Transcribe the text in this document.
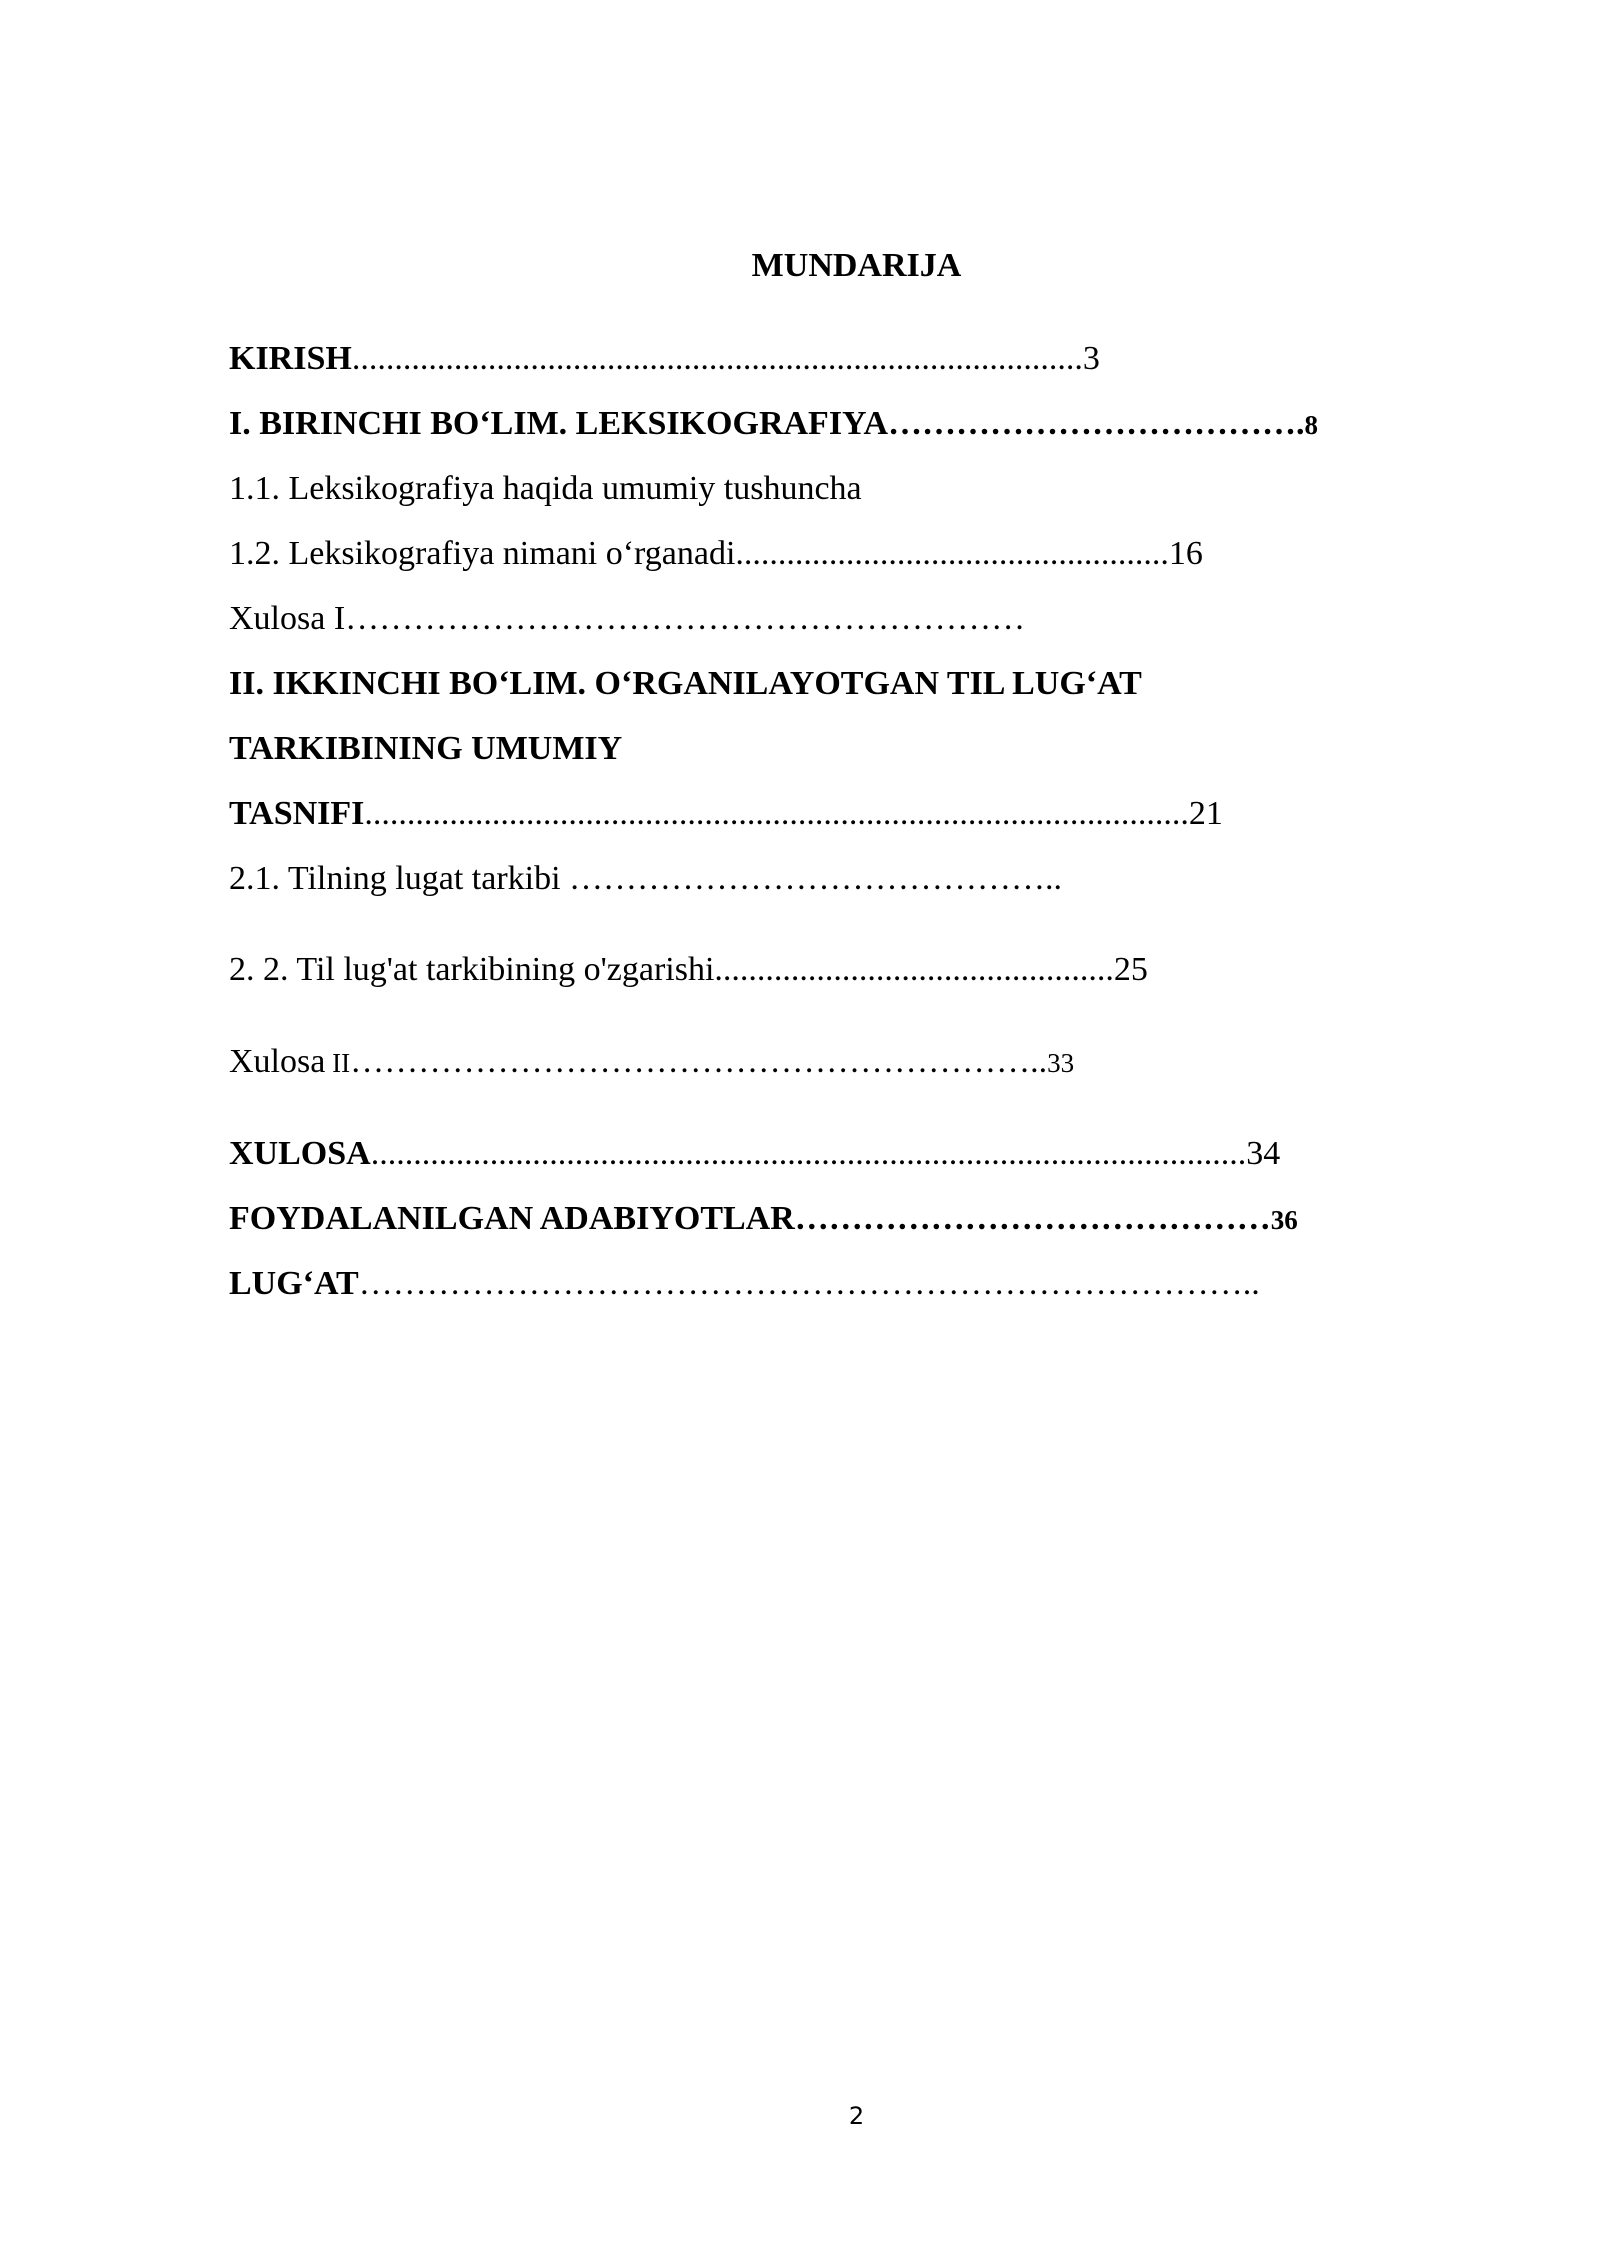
MUNDARIJA
KIRISH......................................................................................3
I. BIRINCHI BO‘LIM. LEKSIKOGRAFIYA……………………………….8
1.1. Leksikografiya haqida umumiy tushuncha
1.2. Leksikografiya nimani o‘rganadi...................................................16
Xulosa I……………………………………………………
II. IKKINCHI BO‘LIM. O‘RGANILAYOTGAN TIL LUG‘AT
TARKIBINING UMUMIY
TASNIFI.................................................................................................21
2.1. Tilning lugat tarkibi ……………………………………..
2. 2. Til lug'at tarkibining o'zgarishi...............................................25
Xulosa II……………………………………………………..33
XULOSA.......................................................................................................34
FOYDALANILGAN ADABIYOTLAR……………………………………36
LUG‘AT……………………………………………………………………..
2
